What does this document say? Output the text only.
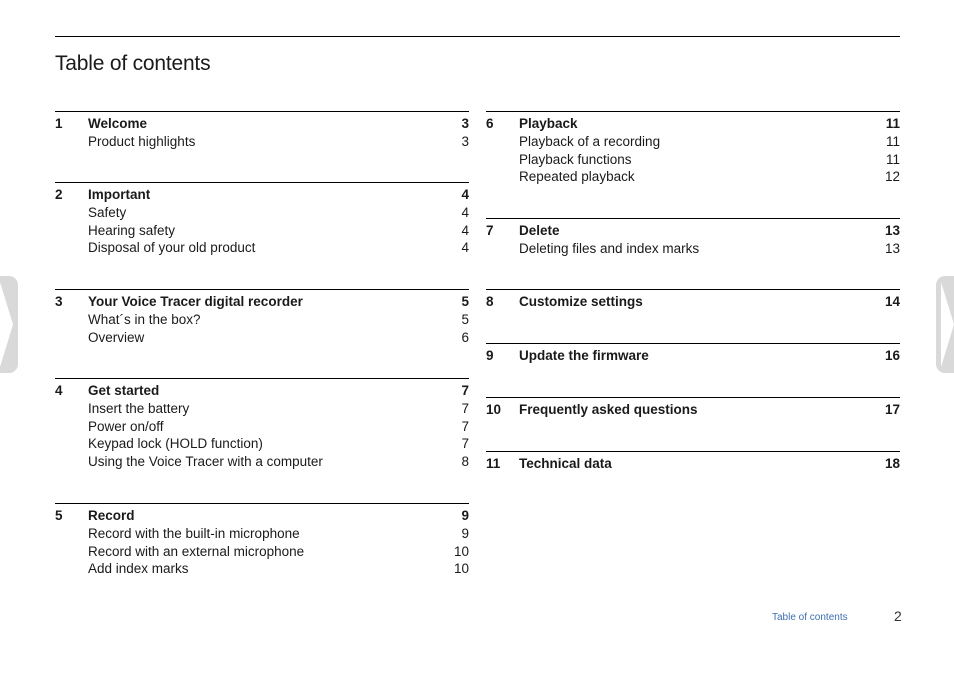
Table of contents
1 Welcome	3
Product highlights	3
2 Important	4
Safety	4
Hearing safety	4
Disposal of your old product	4
3 Your Voice Tracer digital recorder	5
What´s in the box?	5
Overview	6
4 Get started	7
Insert the battery	7
Power on/off	7
Keypad lock (HOLD function)	7
Using the Voice Tracer with a computer	8
5 Record	9
Record with the built-in microphone	9
Record with an external microphone	10
Add index marks	10
6 Playback	11
Playback of a recording	11
Playback functions	11
Repeated playback	12
7 Delete	13
Deleting files and index marks	13
8 Customize settings	14
9 Update the firmware	16
10 Frequently asked questions	17
11 Technical data	18
Table of contents	2
